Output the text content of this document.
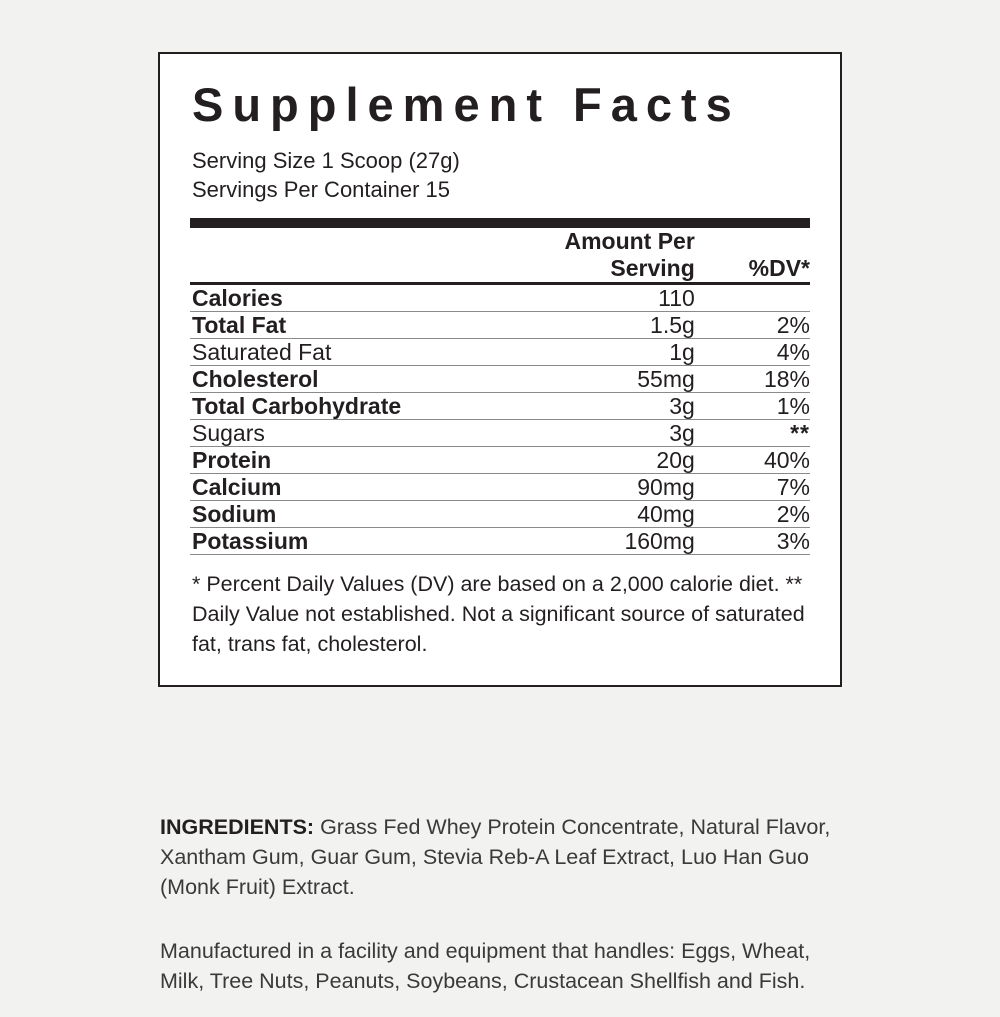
Supplement Facts
Serving Size 1 Scoop (27g)
Servings Per Container 15
	Amount Per Serving	%DV*

Calories	110	

Total Fat	1.5g	2%

Saturated Fat	1g	4%

Cholesterol	55mg	18%

Total Carbohydrate	3g	1%

Sugars	3g	**

Protein	20g	40%

Calcium	90mg	7%

Sodium	40mg	2%

Potassium	160mg	3%

* Percent Daily Values (DV) are based on a 2,000 calorie diet. ** Daily Value not established. Not a significant source of saturated fat, trans fat, cholesterol.

INGREDIENTS: Grass Fed Whey Protein Concentrate, Natural Flavor, Xantham Gum, Guar Gum, Stevia Reb-A Leaf Extract, Luo Han Guo (Monk Fruit) Extract.

Manufactured in a facility and equipment that handles: Eggs, Wheat, Milk, Tree Nuts, Peanuts, Soybeans, Crustacean Shellfish and Fish.
